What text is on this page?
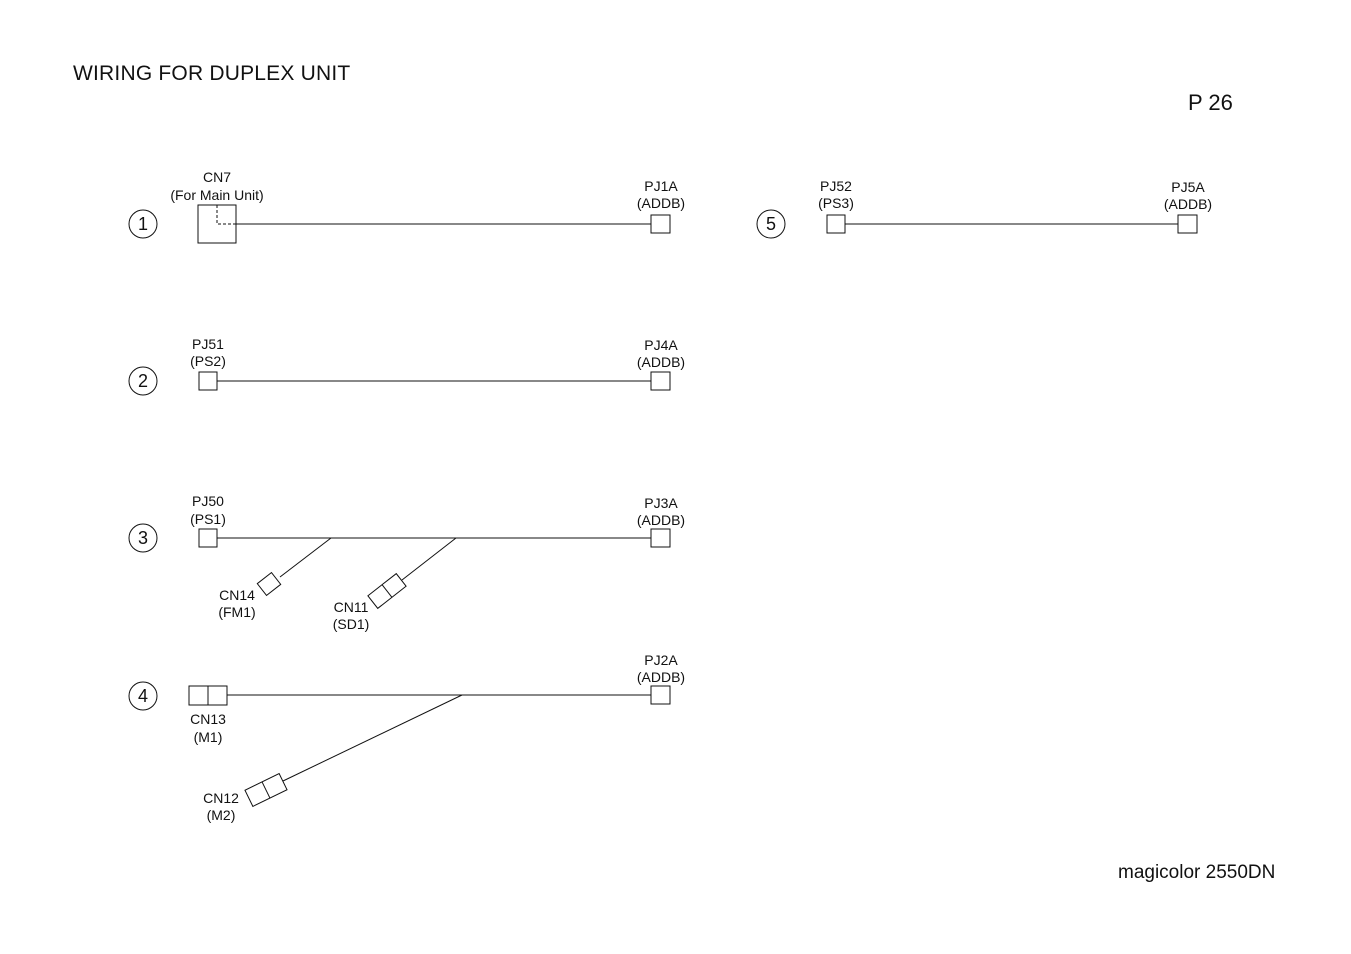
WIRING FOR DUPLEX UNIT
P 26
magicolor 2550DN
1
CN7
(For Main Unit)
PJ1A
(ADDB)
2
PJ51
(PS2)
PJ4A
(ADDB)
3
PJ50
(PS1)
PJ3A
(ADDB)
CN14
(FM1)	CN11
(SD1)
4
CN13
(M1)
PJ2A
(ADDB)
CN12
(M2)
5
PJ52
(PS3)
PJ5A
(ADDB)
